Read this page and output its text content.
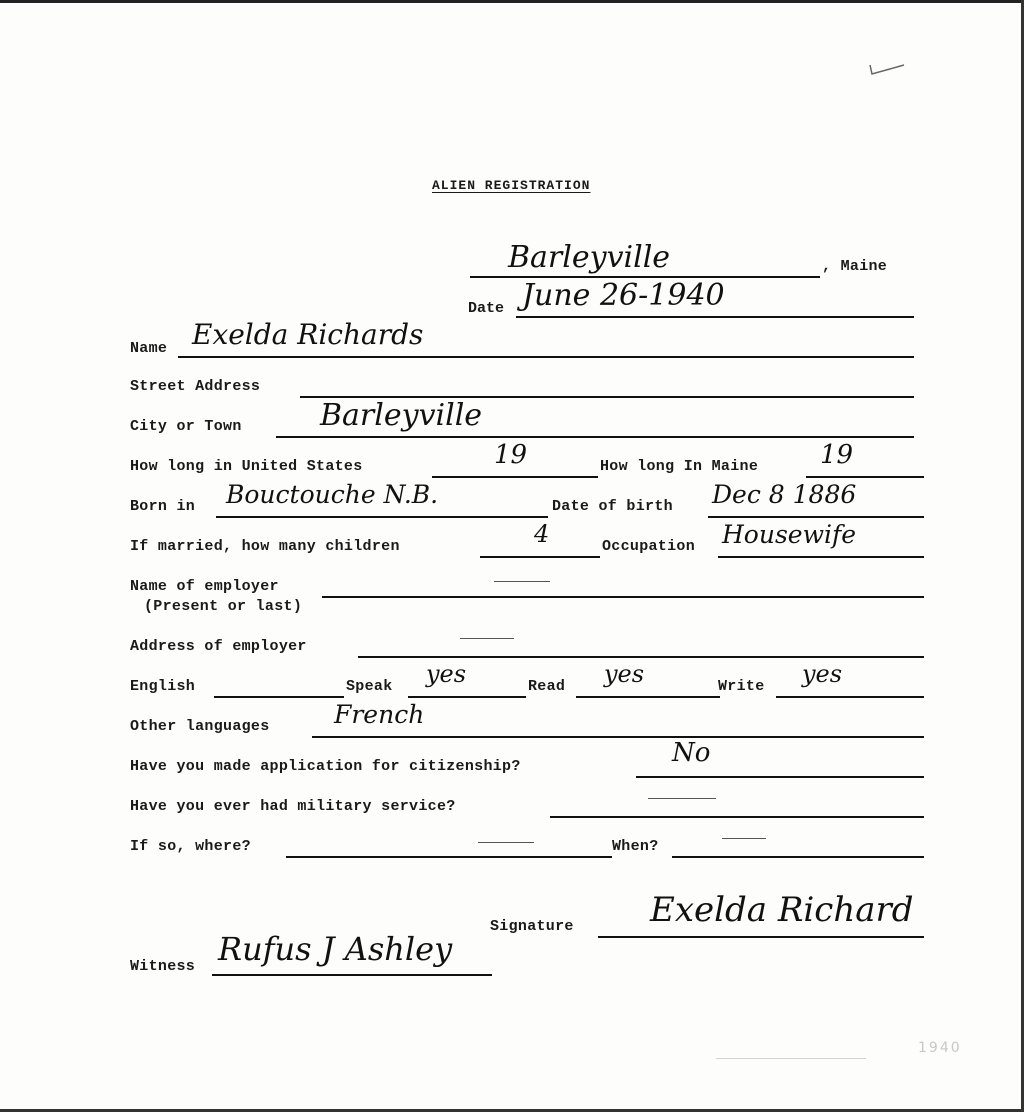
ALIEN REGISTRATION
Barleyville	, Maine
Date June 26-1940
Name Exelda Richards
Street Address
City or Town	Barleyville
How long in United States	19	How long In Maine 19
Born in Bouctouche N.B.	Date of birth Dec 8 1886
If married, how many children	4	Occupation Housewife
Name of employer
(Present or last)
Address of employer
English	Speak yes	Read yes	Write yes
Other languages	French
Have you made application for citizenship?	No
Have you ever had military service?
If so, where?	When?
Signature Exelda Richard
Witness Rufus J Ashley
1940
